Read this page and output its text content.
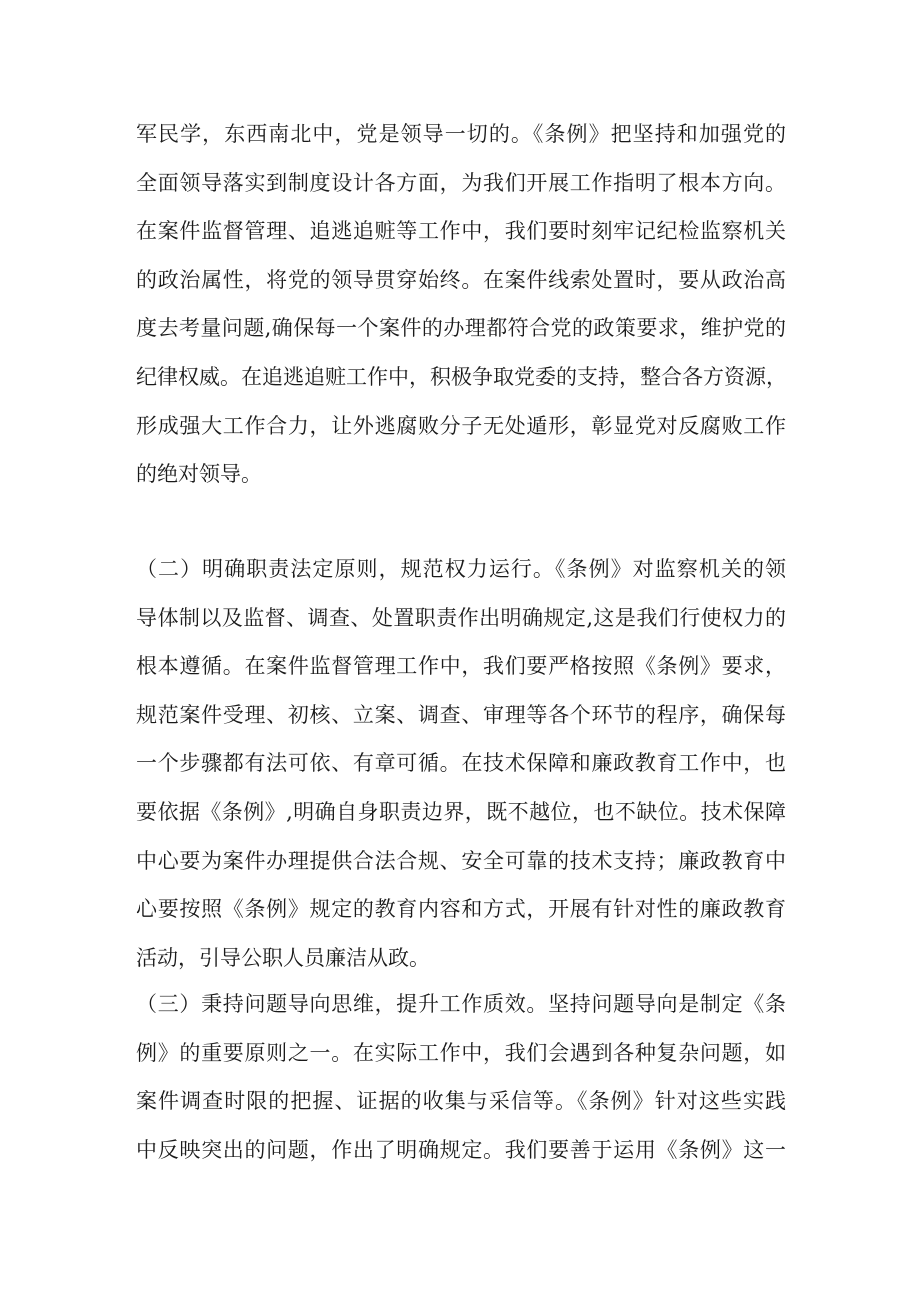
军民学，东西南北中，党是领导一切的。《条例》把坚持和加强党的
全面领导落实到制度设计各方面，为我们开展工作指明了根本方向。
在案件监督管理、追逃追赃等工作中，我们要时刻牢记纪检监察机关
的政治属性，将党的领导贯穿始终。在案件线索处置时，要从政治高
度去考量问题,确保每一个案件的办理都符合党的政策要求，维护党的
纪律权威。在追逃追赃工作中，积极争取党委的支持，整合各方资源，
形成强大工作合力，让外逃腐败分子无处遁形，彰显党对反腐败工作
的绝对领导。
（二）明确职责法定原则，规范权力运行。《条例》对监察机关的领
导体制以及监督、调查、处置职责作出明确规定,这是我们行使权力的
根本遵循。在案件监督管理工作中，我们要严格按照《条例》要求，
规范案件受理、初核、立案、调查、审理等各个环节的程序，确保每
一个步骤都有法可依、有章可循。在技术保障和廉政教育工作中，也
要依据《条例》,明确自身职责边界，既不越位，也不缺位。技术保障
中心要为案件办理提供合法合规、安全可靠的技术支持；廉政教育中
心要按照《条例》规定的教育内容和方式，开展有针对性的廉政教育
活动，引导公职人员廉洁从政。
（三）秉持问题导向思维，提升工作质效。坚持问题导向是制定《条
例》的重要原则之一。在实际工作中，我们会遇到各种复杂问题，如
案件调查时限的把握、证据的收集与采信等。《条例》针对这些实践
中反映突出的问题，作出了明确规定。我们要善于运用《条例》这一
